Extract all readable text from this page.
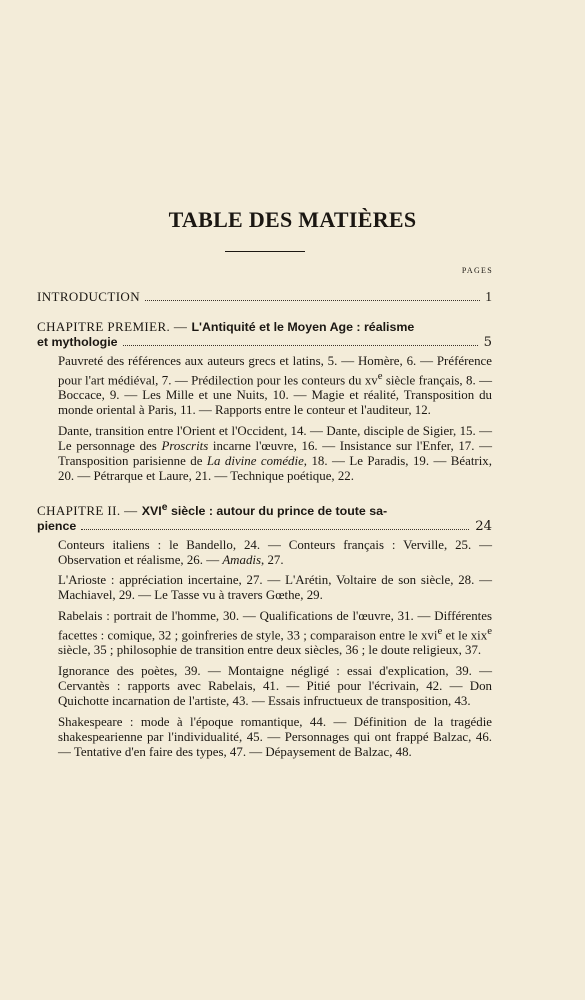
TABLE DES MATIÈRES
PAGES
INTRODUCTION	1
CHAPITRE PREMIER. — L'Antiquité et le Moyen Age : réalisme
et mythologie	5
Pauvreté des références aux auteurs grecs et latins, 5. — Homère, 6. — Préférence pour l'art médiéval, 7. — Prédilection pour les conteurs du $xv^e$ siècle français, 8. — Boccace, 9. — Les Mille et une Nuits, 10. — Magie et réalité, Transposition du monde oriental à Paris, 11. — Rapports entre le conteur et l'auditeur, 12.
Dante, transition entre l'Orient et l'Occident, 14. — Dante, disciple de Sigier, 15. — Le personnage des Proscrits incarne l'œuvre, 16. — Insistance sur l'Enfer, 17. — Transposition parisienne de La divine comédie, 18. — Le Paradis, 19. — Béatrix, 20. — Pétrarque et Laure, 21. — Technique poétique, 22.
CHAPITRE II. — XVIe siècle : autour du prince de toute sa-
pience	24
Conteurs italiens : le Bandello, 24. — Conteurs français : Verville, 25. — Observation et réalisme, 26. — Amadis, 27.
L'Arioste : appréciation incertaine, 27. — L'Arétin, Voltaire de son siècle, 28. — Machiavel, 29. — Le Tasse vu à travers Gœthe, 29.
Rabelais : portrait de l'homme, 30. — Qualifications de l'œuvre, 31. — Différentes facettes : comique, 32 ; goinfreries de style, 33 ; comparaison entre le xvi$^e$ et le xix$^e$ siècle, 35 ; philosophie de transition entre deux siècles, 36 ; le doute religieux, 37.
Ignorance des poètes, 39. — Montaigne négligé : essai d'explication, 39. — Cervantès : rapports avec Rabelais, 41. — Pitié pour l'écrivain, 42. — Don Quichotte incarnation de l'artiste, 43. — Essais infructueux de transposition, 43.
Shakespeare : mode à l'époque romantique, 44. — Définition de la tragédie shakespearienne par l'individualité, 45. — Personnages qui ont frappé Balzac, 46. — Tentative d'en faire des types, 47. — Dépaysement de Balzac, 48.
